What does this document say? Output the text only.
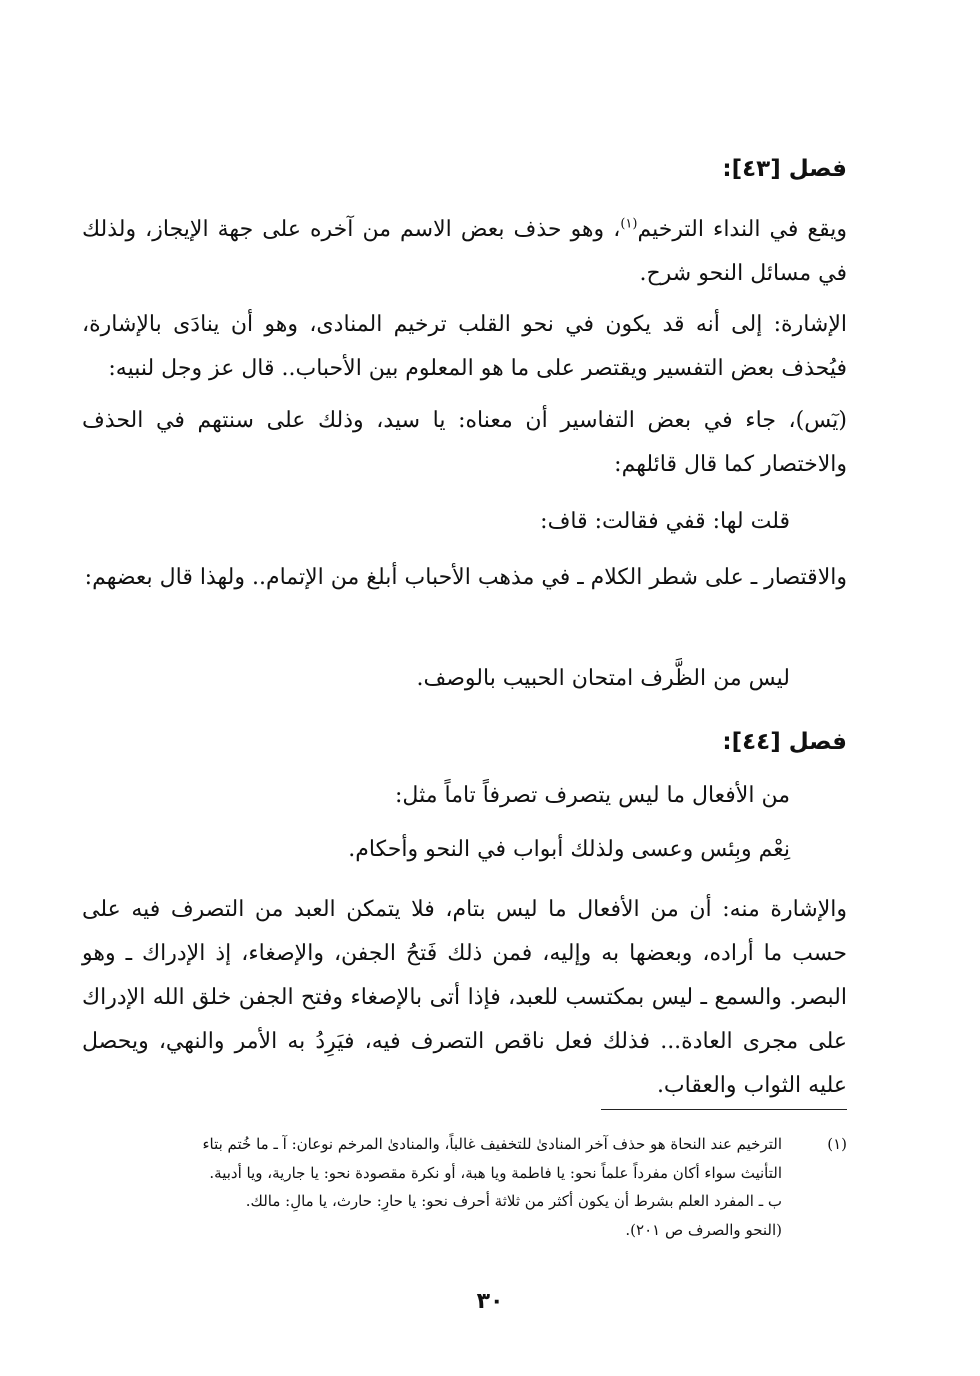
فصل [٤٣]:
ويقع في النداء الترخيم$^{(١)}$، وهو حذف بعض الاسم من آخره على جهة الإيجاز، ولذلك في مسائل النحو شرح.
الإشارة: إلى أنه قد يكون في نحو القلب ترخيم المنادى، وهو أن ينادَى بالإشارة، فيُحذف بعض التفسير ويقتصر على ما هو المعلوم بين الأحباب.. قال عز وجل لنبيه:
(يٓس)، جاء في بعض التفاسير أن معناه: يا سيد، وذلك على سنتهم في الحذف والاختصار كما قال قائلهم:
قلت لها: قفي فقالت: قاف:
والاقتصار ـ على شطر الكلام ـ في مذهب الأحباب أبلغ من الإتمام.. ولهذا قال بعضهم:
ليس من الظَّرف امتحان الحبيب بالوصف.
فصل [٤٤]:
من الأفعال ما ليس يتصرف تصرفاً تاماً مثل:
نِعْم وبِئس وعسى ولذلك أبواب في النحو وأحكام.
والإشارة منه: أن من الأفعال ما ليس بتام، فلا يتمكن العبد من التصرف فيه على حسب ما أراده، وبعضها به وإليه، فمن ذلك فَتحُ الجفن، والإصغاء، إذ الإدراك ـ وهو البصر. والسمع ـ ليس بمكتسب للعبد، فإذا أتى بالإصغاء وفتح الجفن خلق الله الإدراك على مجرى العادة... فذلك فعل ناقص التصرف فيه، فيَرِدُ به الأمر والنهي، ويحصل عليه الثواب والعقاب.
(١)
الترخيم عند النحاة هو حذف آخر المنادىٰ للتخفيف غالباً، والمنادىٰ المرخم نوعان: آ ـ ما خُتم بتاء
التأنيث سواء أكان مفرداً علماً نحو: يا فاطمة ويا هبة، أو نكرة مقصودة نحو: يا جارية، ويا أدبية.
ب ـ المفرد العلم بشرط أن يكون أكثر من ثلاثة أحرف نحو: يا حارِ: حارث، يا مالِ: مالك.
(النحو والصرف ص ٢٠١).
٣٠
